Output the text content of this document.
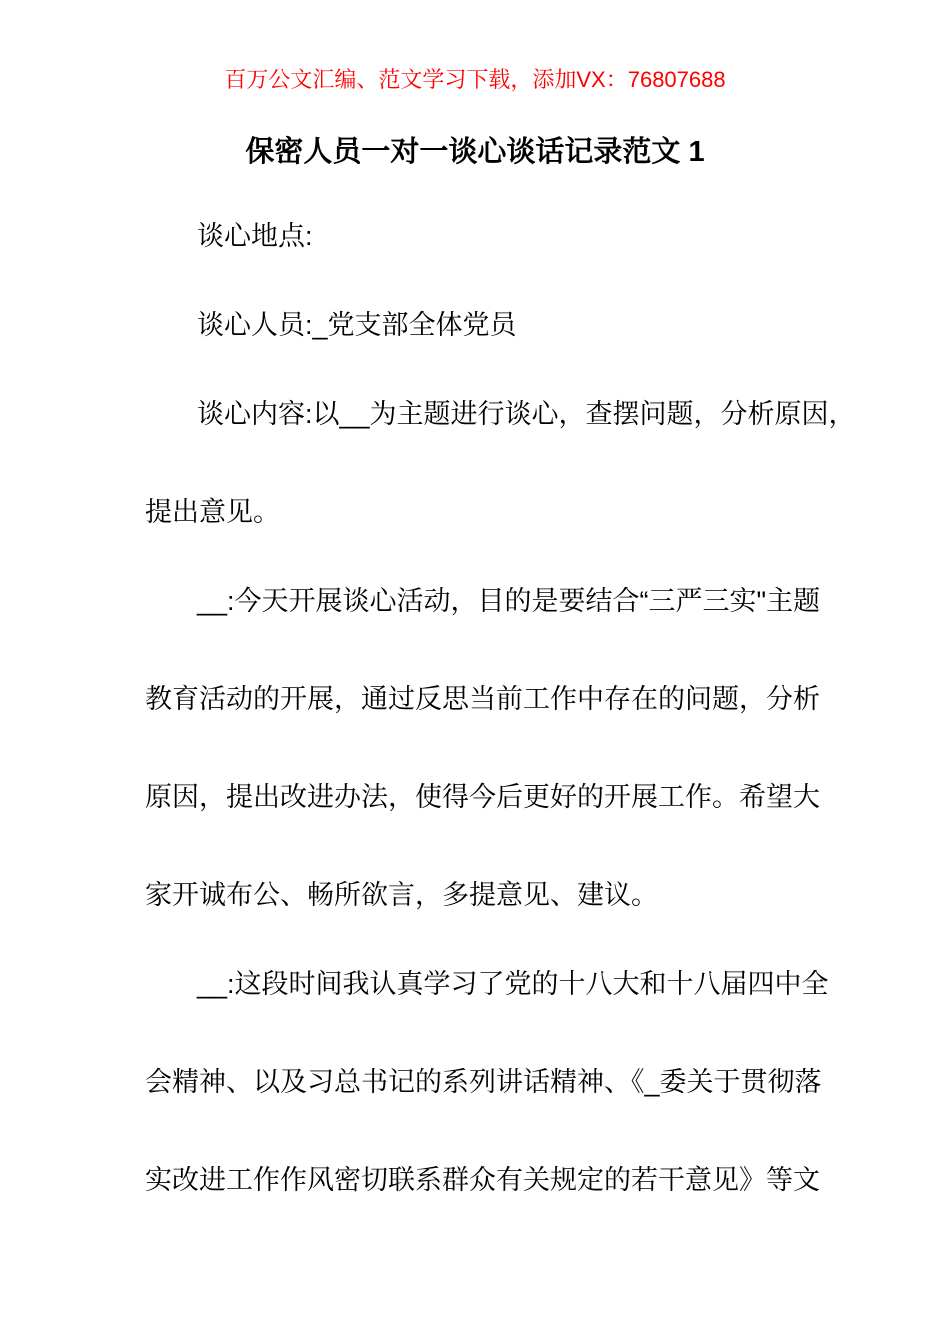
百万公文汇编、范文学习下载，添加VX：76807688
保密人员一对一谈心谈话记录范文 1
谈心地点:
谈心人员:_党支部全体党员
谈心内容:以__为主题进行谈心，查摆问题，分析原因，
提出意见。
__:今天开展谈心活动，目的是要结合“三严三实"主题
教育活动的开展，通过反思当前工作中存在的问题，分析
原因，提出改进办法，使得今后更好的开展工作。希望大
家开诚布公、畅所欲言，多提意见、建议。
__:这段时间我认真学习了党的十八大和十八届四中全
会精神、以及习总书记的系列讲话精神、《_委关于贯彻落
实改进工作作风密切联系群众有关规定的若干意见》等文
